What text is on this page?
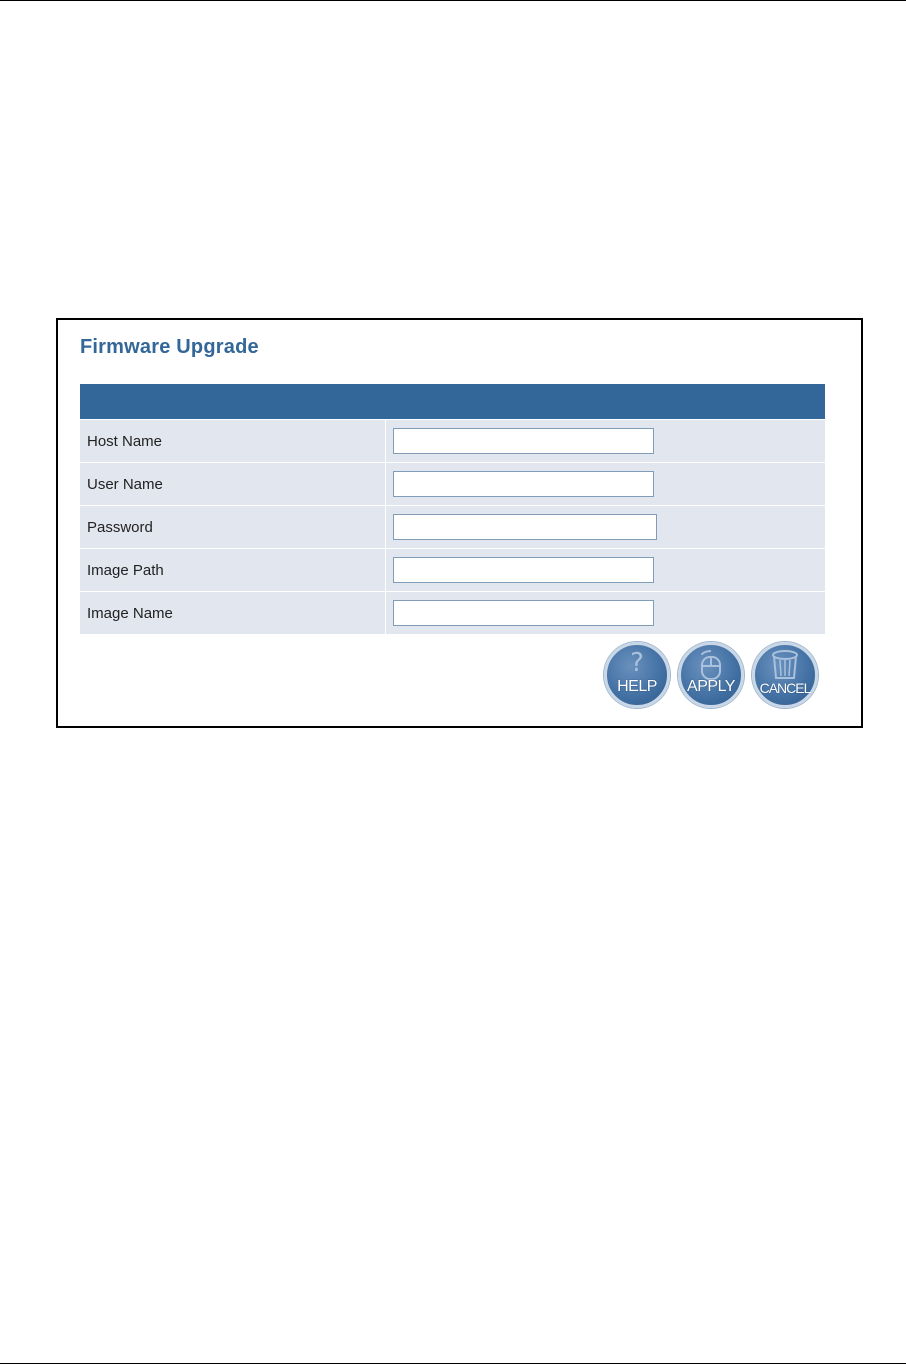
Firmware Upgrade
Host Name
User Name
Password
Image Path
Image Name
?
HELP	APPLY	CANCEL
